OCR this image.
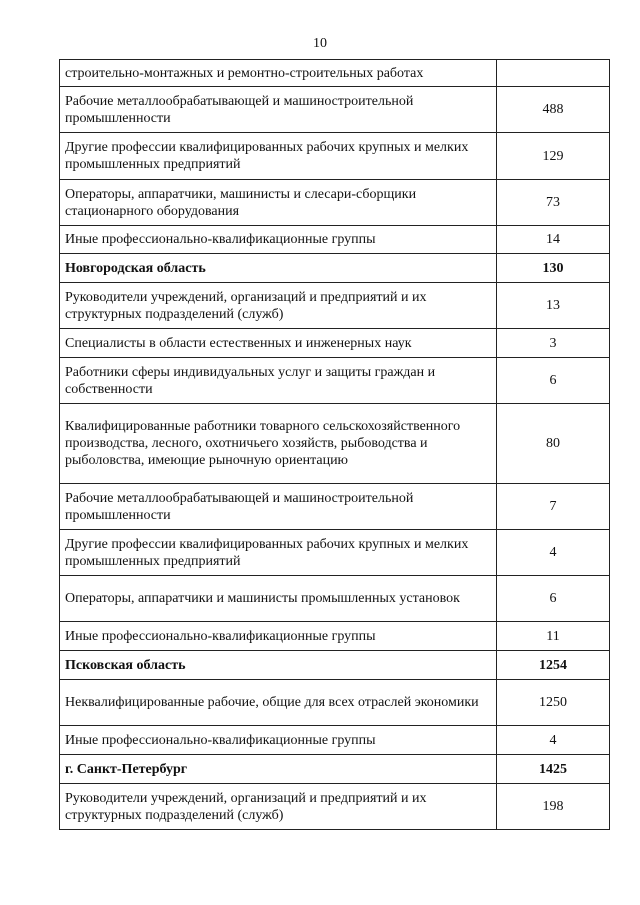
10
строительно-монтажных и ремонтно-строительных работах	
Рабочие металлообрабатывающей и машиностроительной промышленности	488
Другие профессии квалифицированных рабочих крупных и мелких промышленных предприятий	129
Операторы, аппаратчики, машинисты и слесари-сборщики стационарного оборудования	73
Иные профессионально-квалификационные группы	14
Новгородская область	130
Руководители учреждений, организаций и предприятий и их структурных подразделений (служб)	13
Специалисты в области естественных и инженерных наук	3
Работники сферы индивидуальных услуг и защиты граждан и собственности	6
Квалифицированные работники товарного сельскохозяйственного производства, лесного, охотничьего хозяйств, рыбоводства и рыболовства, имеющие рыночную ориентацию	80
Рабочие металлообрабатывающей и машиностроительной промышленности	7
Другие профессии квалифицированных рабочих крупных и мелких промышленных предприятий	4
Операторы, аппаратчики и машинисты промышленных установок	6
Иные профессионально-квалификационные группы	11
Псковская область	1254
Неквалифицированные рабочие, общие для всех отраслей экономики	1250
Иные профессионально-квалификационные группы	4
г. Санкт-Петербург	1425
Руководители учреждений, организаций и предприятий и их структурных подразделений (служб)	198
